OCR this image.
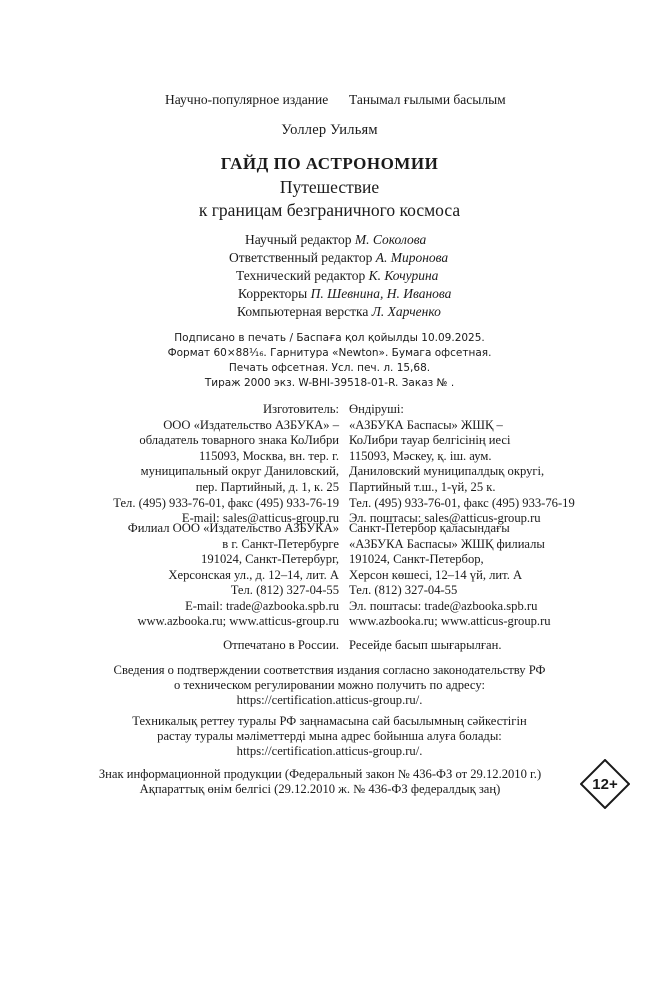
Научно-популярное издание Танымал ғылыми басылым
Уоллер Уильям
ГАЙД ПО АСТРОНОМИИ
Путешествие
к границам безграничного космоса
Научный редактор М. Соколова
Ответственный редактор А. Миронова
Технический редактор К. Кочурина
Корректоры П. Шевнина, Н. Иванова
Компьютерная верстка Л. Харченко
Подписано в печать / Баспаға қол қойылды 10.09.2025.
Формат 60×88¹⁄₁₆. Гарнитура «Newton». Бумага офсетная.
Печать офсетная. Усл. печ. л. 15,68.
Тираж 2000 экз. W-BHI-39518-01-R. Заказ № .
Изготовитель:
ООО «Издательство АЗБУКА» –
обладатель товарного знака КоЛибри
115093, Москва, вн. тер. г.
муниципальный округ Даниловский,
пер. Партийный, д. 1, к. 25
Тел. (495) 933-76-01, факс (495) 933-76-19
E-mail: sales@atticus-group.ru
Өндіруші:
«АЗБУКА Баспасы» ЖШҚ –
КоЛибри тауар белгісінің иесі
115093, Мәскеу, қ. іш. аум.
Даниловский муниципалдық округі,
Партийный т.ш., 1-үй, 25 к.
Тел. (495) 933-76-01, факс (495) 933-76-19
Эл. поштасы: sales@atticus-group.ru
Филиал ООО «Издательство АЗБУКА»
в г. Санкт-Петербурге
191024, Санкт-Петербург,
Херсонская ул., д. 12–14, лит. А
Тел. (812) 327-04-55
E-mail: trade@azbooka.spb.ru
Санкт-Петербор қаласындағы
«АЗБУКА Баспасы» ЖШҚ филиалы
191024, Санкт-Петербор,
Херсон көшесі, 12–14 үй, лит. А
Тел. (812) 327-04-55
Эл. поштасы: trade@azbooka.spb.ru
www.azbooka.ru; www.atticus-group.ru www.azbooka.ru; www.atticus-group.ru
Отпечатано в России. Ресейде басып шығарылған.
Сведения о подтверждении соответствия издания согласно законодательству РФ
о техническом регулировании можно получить по адресу:
https://certification.atticus-group.ru/.
Техникалық реттеу туралы РФ заңнамасына сай басылымның сәйкестігін
растау туралы мәліметтерді мына адрес бойынша алуға болады:
https://certification.atticus-group.ru/.
Знак информационной продукции (Федеральный закон № 436-ФЗ от 29.12.2010 г.)
Ақпараттық өнім белгісі (29.12.2010 ж. № 436-ФЗ федералдық заң)	12+
